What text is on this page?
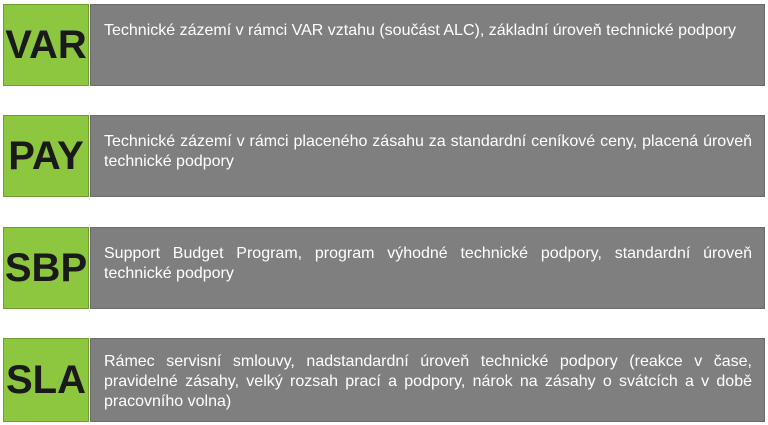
VAR	Technické zázemí v rámci VAR vztahu (součást ALC), základní úroveň technické podpory
PAY	Technické zázemí v rámci placeného zásahu za standardní ceníkové ceny, placená úroveň technické podpory
SBP	Support Budget Program, program výhodné technické podpory, standardní úroveň technické podpory
SLA	Rámec servisní smlouvy, nadstandardní úroveň technické podpory (reakce v čase, pravidelné zásahy, velký rozsah prací a podpory, nárok na zásahy o svátcích a v době pracovního volna)
